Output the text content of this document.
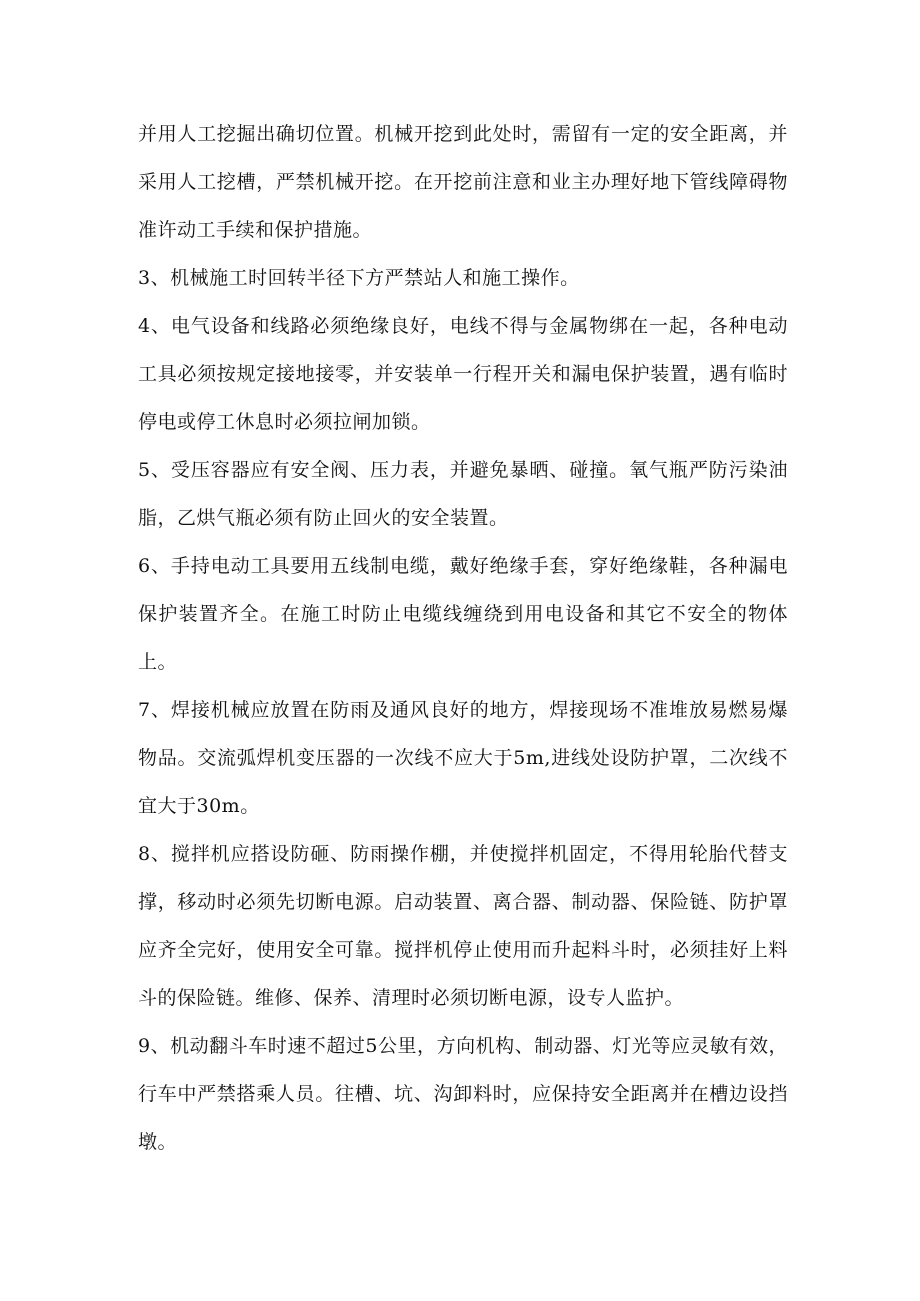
并用人工挖掘出确切位置。机械开挖到此处时，需留有一定的安全距离，并采用人工挖槽，严禁机械开挖。在开挖前注意和业主办理好地下管线障碍物准许动工手续和保护措施。

3、机械施工时回转半径下方严禁站人和施工操作。

4、电气设备和线路必须绝缘良好，电线不得与金属物绑在一起，各种电动工具必须按规定接地接零，并安装单一行程开关和漏电保护装置，遇有临时停电或停工休息时必须拉闸加锁。

5、受压容器应有安全阀、压力表，并避免暴晒、碰撞。氧气瓶严防污染油脂，乙烘气瓶必须有防止回火的安全装置。

6、手持电动工具要用五线制电缆，戴好绝缘手套，穿好绝缘鞋，各种漏电保护装置齐全。在施工时防止电缆线缠绕到用电设备和其它不安全的物体上。

7、焊接机械应放置在防雨及通风良好的地方，焊接现场不准堆放易燃易爆物品。交流弧焊机变压器的一次线不应大于5m,进线处设防护罩，二次线不宜大于30m。

8、搅拌机应搭设防砸、防雨操作棚，并使搅拌机固定，不得用轮胎代替支撑，移动时必须先切断电源。启动装置、离合器、制动器、保险链、防护罩应齐全完好，使用安全可靠。搅拌机停止使用而升起料斗时，必须挂好上料斗的保险链。维修、保养、清理时必须切断电源，设专人监护。

9、机动翻斗车时速不超过5公里，方向机构、制动器、灯光等应灵敏有效，行车中严禁搭乘人员。往槽、坑、沟卸料时，应保持安全距离并在槽边设挡墩。
